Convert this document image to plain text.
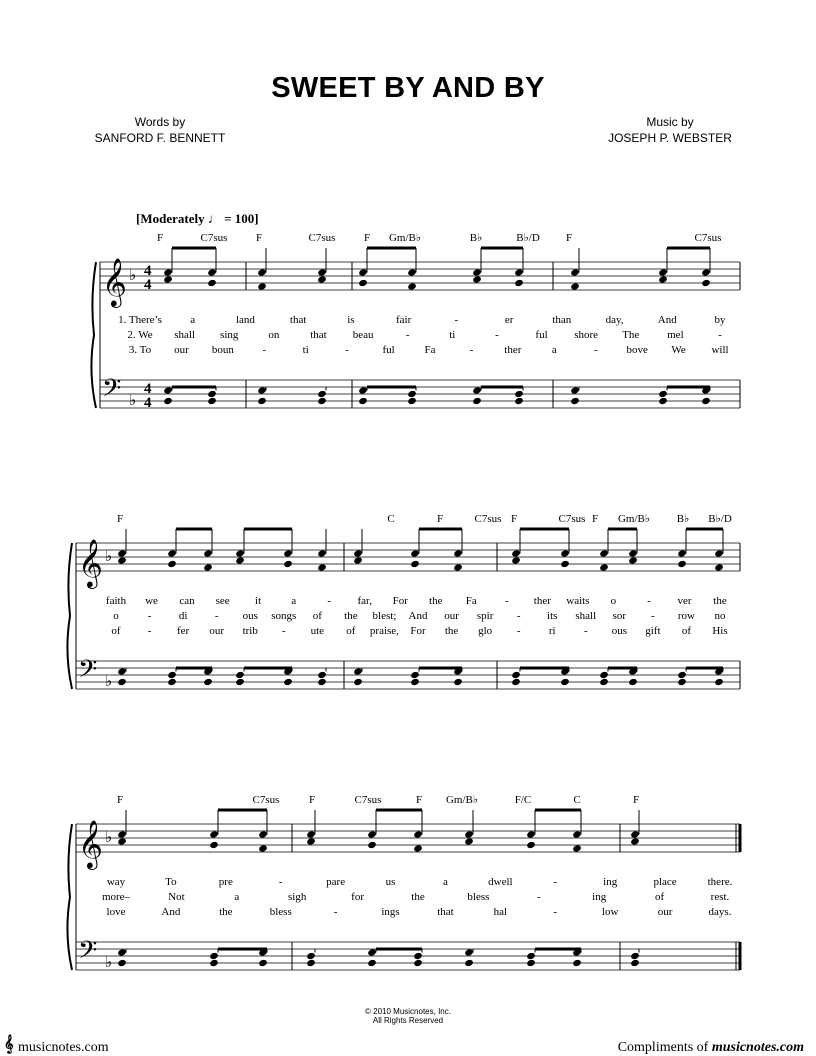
SWEET BY AND BY
Words by
SANFORD F. BENNETT
Music by
JOSEPH P. WEBSTER
[Moderately ♩ = 100]
𝄞 ♭ 4
4
𝄢 ♭
4
4
F	C7sus	F	C7sus	F Gm/B♭	B♭	B♭/D F	C7sus
1. There’s	a	land	that	is	fair	-	er	than	day,	And	by
2. We shall sing	on	that beau	-	ti	-	ful shore The	mel	-
3. To our boun	-	ti	-	ful	Fa	-	ther	a	-	bove We will
𝄞 ♭
𝄢 ♭
F	C	F	C7sus F	C7sus F Gm/B♭ B♭ B♭/D
faith we can see it	a	- far, For the Fa	- ther waits o	- ver the
o	- di - ous songs of the blest; And our spir - its shall sor - row no
of - fer our trib - ute of praise, For the glo -	ri	- ous gift of His
𝄞 ♭
𝄢 ♭
F	C7sus	F	C7sus	F Gm/B♭	F/C	C	F
way	To	pre	-	pare	us	a	dwell	-	ing	place	there.
more–	Not	a	sigh	for	the	bless	-	ing	of	rest.
love	And	the	bless	-	ings	that	hal	-	low	our	days.
© 2010 Musicnotes, Inc.
All Rights Reserved
𝄞 musicnotes.com	Compliments of musicnotes.com
